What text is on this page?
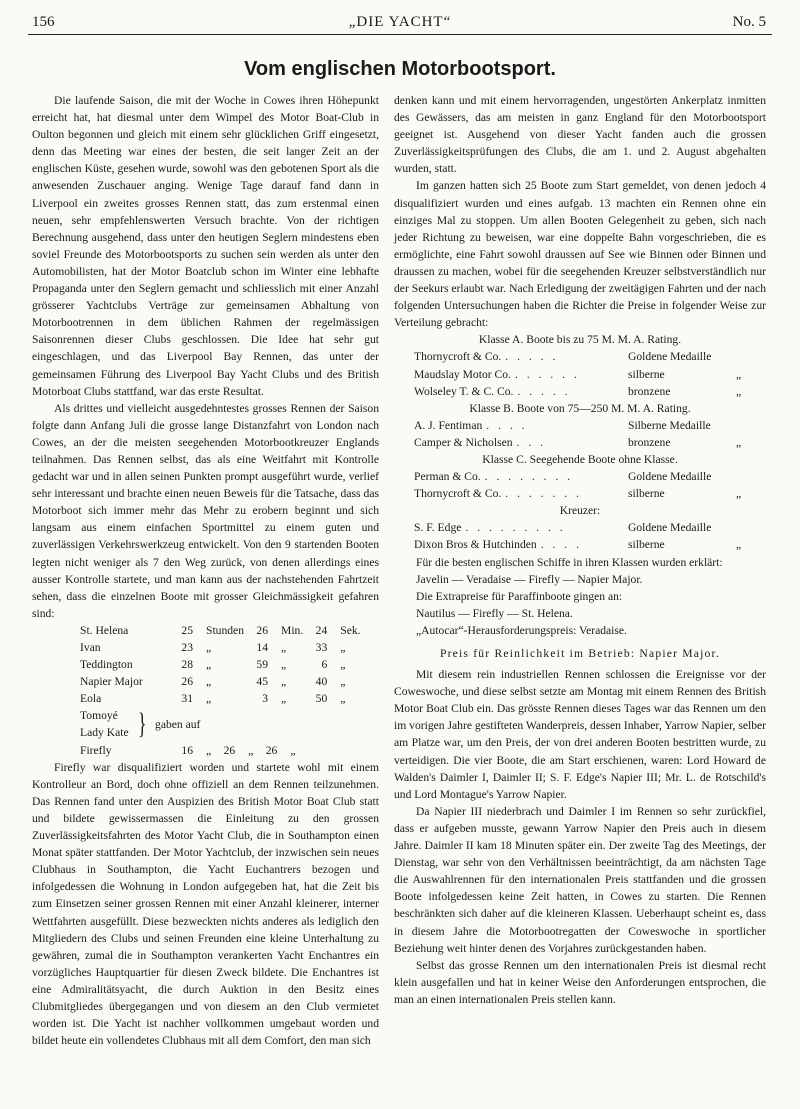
156	„DIE YACHT“	No. 5
Vom englischen Motorbootsport.

Die laufende Saison, die mit der Woche in Cowes ihren Höhepunkt erreicht hat, hat diesmal unter dem Wimpel des Motor Boat-Club in Oulton begonnen und gleich mit einem sehr glücklichen Griff eingesetzt, denn das Meeting war eines der besten, die seit langer Zeit an der englischen Küste, gesehen wurde, sowohl was den gebotenen Sport als die anwesenden Zuschauer anging. Wenige Tage darauf fand dann in Liverpool ein zweites grosses Rennen statt, das zum erstenmal einen neuen, sehr empfehlenswerten Versuch brachte. Von der richtigen Berechnung ausgehend, dass unter den heutigen Seglern mindestens eben soviel Freunde des Motorbootsports zu suchen sein werden als unter den Automobilisten, hat der Motor Boatclub schon im Winter eine lebhafte Propaganda unter den Seglern gemacht und schliesslich mit einer Anzahl grösserer Yachtclubs Verträge zur gemeinsamen Abhaltung von Motorbootrennen in dem üblichen Rahmen der regelmässigen Saisonrennen dieser Clubs geschlossen. Die Idee hat sehr gut eingeschlagen, und das Liverpool Bay Rennen, das unter der gemeinsamen Führung des Liverpool Bay Yacht Clubs und des British Motorboat Clubs stattfand, war das erste Resultat.

Als drittes und vielleicht ausgedehntestes grosses Rennen der Saison folgte dann Anfang Juli die grosse lange Distanzfahrt von London nach Cowes, an der die meisten seegehenden Motorbootkreuzer Englands teilnahmen. Das Rennen selbst, das als eine Weitfahrt mit Kontrolle gedacht war und in allen seinen Punkten prompt ausgeführt wurde, verlief sehr interessant und brachte einen neuen Beweis für die Tatsache, dass das Motorboot sich immer mehr das Mehr zu erobern beginnt und sich langsam aus einem einfachen Sportmittel zu einem guten und zuverlässigen Verkehrswerkzeug entwickelt. Von den 9 startenden Booten legten nicht weniger als 7 den Weg zurück, von denen allerdings eines ausser Kontrolle startete, und man kann aus der nachstehenden Fahrtzeit sehen, dass die einzelnen Boote mit grosser Gleichmässigkeit gefahren sind:

St. Helena	25	Stunden	26	Min.	24	Sek.
Ivan	23	„	14	„	33	„
Teddington	28	„	59	„	6	„
Napier Major	26	„	45	„	40	„
Eola	31	„	3	„	50	„
Tomoyé
Lady Kate } gaben auf
Firefly	16	„	26	„	26	„

Firefly war disqualifiziert worden und startete wohl mit einem Kontrolleur an Bord, doch ohne offiziell an dem Rennen teilzunehmen. Das Rennen fand unter den Auspizien des British Motor Boat Club statt und bildete gewissermassen die Einleitung zu den grossen Zuverlässigkeitsfahrten des Motor Yacht Club, die in Southampton einen Monat später stattfanden. Der Motor Yachtclub, der inzwischen sein neues Clubhaus in Southampton, die Yacht Euchantrers bezogen und infolgedessen die Wohnung in London aufgegeben hat, hat die Zeit bis zum Einsetzen seiner grossen Rennen mit einer Anzahl kleinerer, interner Wettfahrten ausgefüllt. Diese bezweckten nichts anderes als lediglich den Mitgliedern des Clubs und seinen Freunden eine kleine Unterhaltung zu gewähren, zumal die in Southampton verankerten Yacht Enchantres ein vorzügliches Hauptquartier für diesen Zweck bildete. Die Enchantres ist eine Admiralitätsyacht, die durch Auktion in den Besitz eines Clubmitgliedes übergegangen und von diesem an den Club vermietet worden ist. Die Yacht ist nachher vollkommen umgebaut worden und bildet heute ein vollendetes Clubhaus mit all dem Comfort, den man sich

denken kann und mit einem hervorragenden, ungestörten Ankerplatz inmitten des Gewässers, das am meisten in ganz England für den Motorbootsport geeignet ist. Ausgehend von dieser Yacht fanden auch die grossen Zuverlässigkeitsprüfungen des Clubs, die am 1. und 2. August abgehalten wurden, statt.

Im ganzen hatten sich 25 Boote zum Start gemeldet, von denen jedoch 4 disqualifiziert wurden und eines aufgab. 13 machten ein Rennen ohne ein einziges Mal zu stoppen. Um allen Booten Gelegenheit zu geben, sich nach jeder Richtung zu beweisen, war eine doppelte Bahn vorgeschrieben, die es ermöglichte, eine Fahrt sowohl draussen auf See wie Binnen oder Binnen und draussen zu machen, wobei für die seegehenden Kreuzer selbstverständlich nur der Seekurs erlaubt war. Nach Erledigung der zweitägigen Fahrten und der nach folgenden Untersuchungen haben die Richter die Preise in folgender Weise zur Verteilung gebracht:

Klasse A. Boote bis zu 75 M. M. A. Rating.
Thornycroft & Co. . . . . .	Goldene Medaille
Maudslay Motor Co. . . . . . .	silberne	„
Wolseley T. & C. Co. . . . . .	bronzene	„
Klasse B. Boote von 75—250 M. M. A. Rating.
A. J. Fentiman . . . .	Silberne Medaille
Camper & Nicholsen . . .	bronzene	„
Klasse C. Seegehende Boote ohne Klasse.
Perman & Co. . . . . . . . .	Goldene Medaille
Thornycroft & Co. . . . . . . .	silberne	„
Kreuzer:
S. F. Edge . . . . . . . . .	Goldene Medaille
Dixon Bros & Hutchinden . . . .	silberne	„

Für die besten englischen Schiffe in ihren Klassen wurden erklärt:

Javelin — Veradaise — Firefly — Napier Major.
Die Extrapreise für Paraffinboote gingen an:
Nautilus — Firefly — St. Helena.
„Autocar“-Herausforderungspreis: Veradaise.
Preis für Reinlichkeit im Betrieb: Napier Major.

Mit diesem rein industriellen Rennen schlossen die Ereignisse vor der Coweswoche, und diese selbst setzte am Montag mit einem Rennen des British Motor Boat Club ein. Das grösste Rennen dieses Tages war das Rennen um den im vorigen Jahre gestifteten Wanderpreis, dessen Inhaber, Yarrow Napier, selber am Platze war, um den Preis, der von drei anderen Booten bestritten wurde, zu verteidigen. Die vier Boote, die am Start erschienen, waren: Lord Howard de Walden's Daimler I, Daimler II; S. F. Edge's Napier III; Mr. L. de Rotschild's und Lord Montague's Yarrow Napier.

Da Napier III niederbrach und Daimler I im Rennen so sehr zurückfiel, dass er aufgeben musste, gewann Yarrow Napier den Preis auch in diesem Jahre. Daimler II kam 18 Minuten später ein. Der zweite Tag des Meetings, der Dienstag, war sehr von den Verhältnissen beeinträchtigt, da am nächsten Tage die Auswahlrennen für den internationalen Preis stattfanden und die grossen Boote infolgedessen keine Zeit hatten, in Cowes zu starten. Die Rennen beschränkten sich daher auf die kleineren Klassen. Ueberhaupt scheint es, dass in diesem Jahre die Motorbootregatten der Coweswoche in sportlicher Beziehung weit hinter denen des Vorjahres zurückgestanden haben.

Selbst das grosse Rennen um den internationalen Preis ist diesmal recht klein ausgefallen und hat in keiner Weise den Anforderungen entsprochen, die man an einen internationalen Preis stellen kann.
